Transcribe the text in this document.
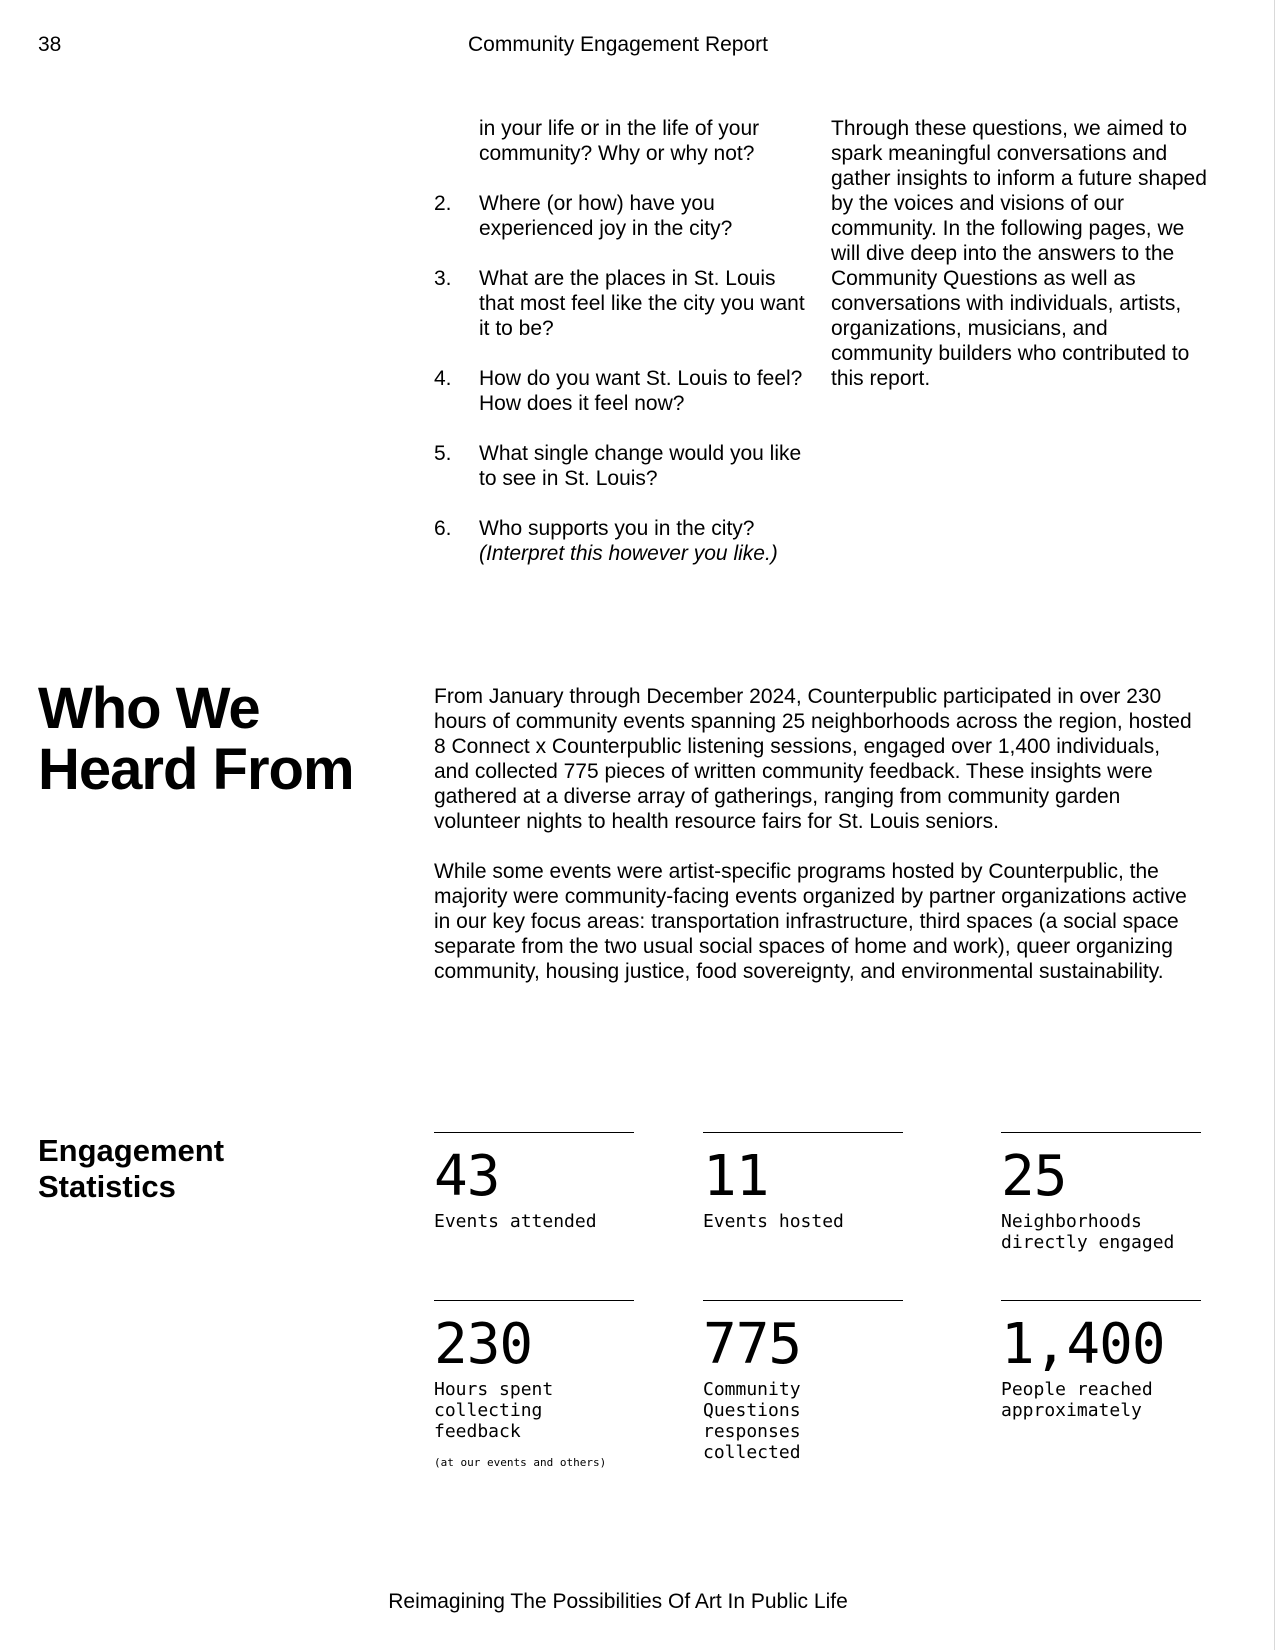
38	Community Engagement Report
in your life or in the life of your community? Why or why not?
2. Where (or how) have you experienced joy in the city?
3. What are the places in St. Louis that most feel like the city you want it to be?
4. How do you want St. Louis to feel? How does it feel now?
5. What single change would you like to see in St. Louis?
6. Who supports you in the city?
(Interpret this however you like.)

Through these questions, we aimed to spark meaningful conversations and gather insights to inform a future shaped by the voices and visions of our community. In the following pages, we will dive deep into the answers to the Community Questions as well as conversations with individuals, artists, organizations, musicians, and community builders who contributed to this report.

Who We Heard From

From January through December 2024, Counterpublic participated in over 230 hours of community events spanning 25 neighborhoods across the region, hosted 8 Connect x Counterpublic listening sessions, engaged over 1,400 individuals, and collected 775 pieces of written community feedback. These insights were gathered at a diverse array of gatherings, ranging from community garden volunteer nights to health resource fairs for St. Louis seniors.

While some events were artist-specific programs hosted by Counterpublic, the majority were community-facing events organized by partner organizations active in our key focus areas: transportation infrastructure, third spaces (a social space separate from the two usual social spaces of home and work), queer organizing community, housing justice, food sovereignty, and environmental sustainability.

Engagement Statistics	43
Events attended
11
Events hosted
25
Neighborhoods directly engaged
230
Hours spent collecting feedback
(at our events and others)
775
Community Questions responses collected
1,400
People reached approximately
Reimagining The Possibilities Of Art In Public Life
